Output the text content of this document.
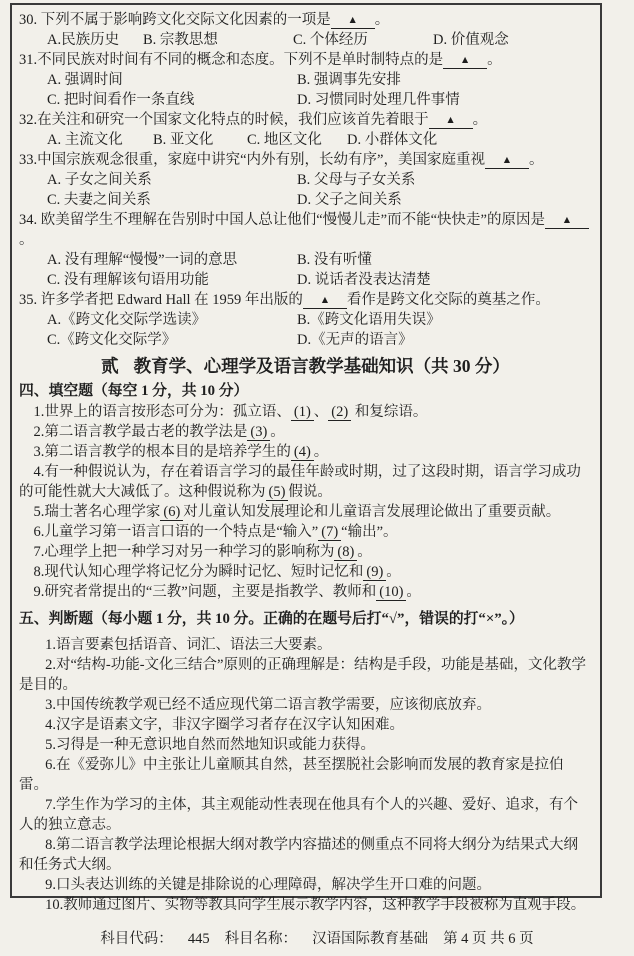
30. 下列不属于影响跨文化交际文化因素的一项是 ▲ 。
A.民族历史	B. 宗教思想	C. 个体经历	D. 价值观念
31.不同民族对时间有不同的概念和态度。下列不是单时制特点的是 ▲ 。
A. 强调时间	B. 强调事先安排
C. 把时间看作一条直线	D. 习惯同时处理几件事情
32.在关注和研究一个国家文化特点的时候，我们应该首先着眼于 ▲ 。
A. 主流文化	B. 亚文化	C. 地区文化	D. 小群体文化
33.中国宗族观念很重，家庭中讲究“内外有别，长幼有序”，美国家庭重视 ▲ 。
A. 子女之间关系	B. 父母与子女关系
C. 夫妻之间关系	D. 父子之间关系
34. 欧美留学生不理解在告别时中国人总让他们“慢慢儿走”而不能“快快走”的原因是 ▲。
A. 没有理解“慢慢”一词的意思	B. 没有听懂
C. 没有理解该句语用功能	D. 说话者没表达清楚
35. 许多学者把 Edward Hall 在 1959 年出版的 ▲ 看作是跨文化交际的奠基之作。
A.《跨文化交际学选读》	B.《跨文化语用失误》
C.《跨文化交际学》	D.《无声的语言》
贰 教育学、心理学及语言教学基础知识（共 30 分）
四、填空题（每空 1 分，共 10 分）

1.世界上的语言按形态可分为：孤立语、 (1) 、 (2) 和复综语。

2.第二语言教学最古老的教学法是 (3) 。

3.第二语言教学的根本目的是培养学生的 (4) 。

4.有一种假说认为，存在着语言学习的最佳年龄或时期，过了这段时期，语言学习成功的可能性就大大减低了。这种假说称为 (5) 假说。

5.瑞士著名心理学家 (6) 对儿童认知发展理论和儿童语言发展理论做出了重要贡献。

6.儿童学习第一语言口语的一个特点是“输入” (7) “输出”。

7.心理学上把一种学习对另一种学习的影响称为 (8) 。

8.现代认知心理学将记忆分为瞬时记忆、短时记忆和 (9) 。

9.研究者常提出的“三教”问题，主要是指教学、教师和 (10) 。

五、判断题（每小题 1 分，共 10 分。正确的在题号后打“√”，错误的打“×”。）

1.语言要素包括语音、词汇、语法三大要素。

2.对“结构-功能-文化三结合”原则的正确理解是：结构是手段，功能是基础，文化教学是目的。

3.中国传统教学观已经不适应现代第二语言教学需要，应该彻底放弃。

4.汉字是语素文字，非汉字圈学习者存在汉字认知困难。

5.习得是一种无意识地自然而然地知识或能力获得。

6.在《爱弥儿》中主张让儿童顺其自然，甚至摆脱社会影响而发展的教育家是拉伯雷。

7.学生作为学习的主体，其主观能动性表现在他具有个人的兴趣、爱好、追求，有个人的独立意志。

8.第二语言教学法理论根据大纲对教学内容描述的侧重点不同将大纲分为结果式大纲和任务式大纲。

9.口头表达训练的关键是排除说的心理障碍，解决学生开口难的问题。

10.教师通过图片、实物等教具向学生展示教学内容，这种教学手段被称为直观手段。

科目代码： 445 科目名称： 汉语国际教育基础 第 4 页 共 6 页
